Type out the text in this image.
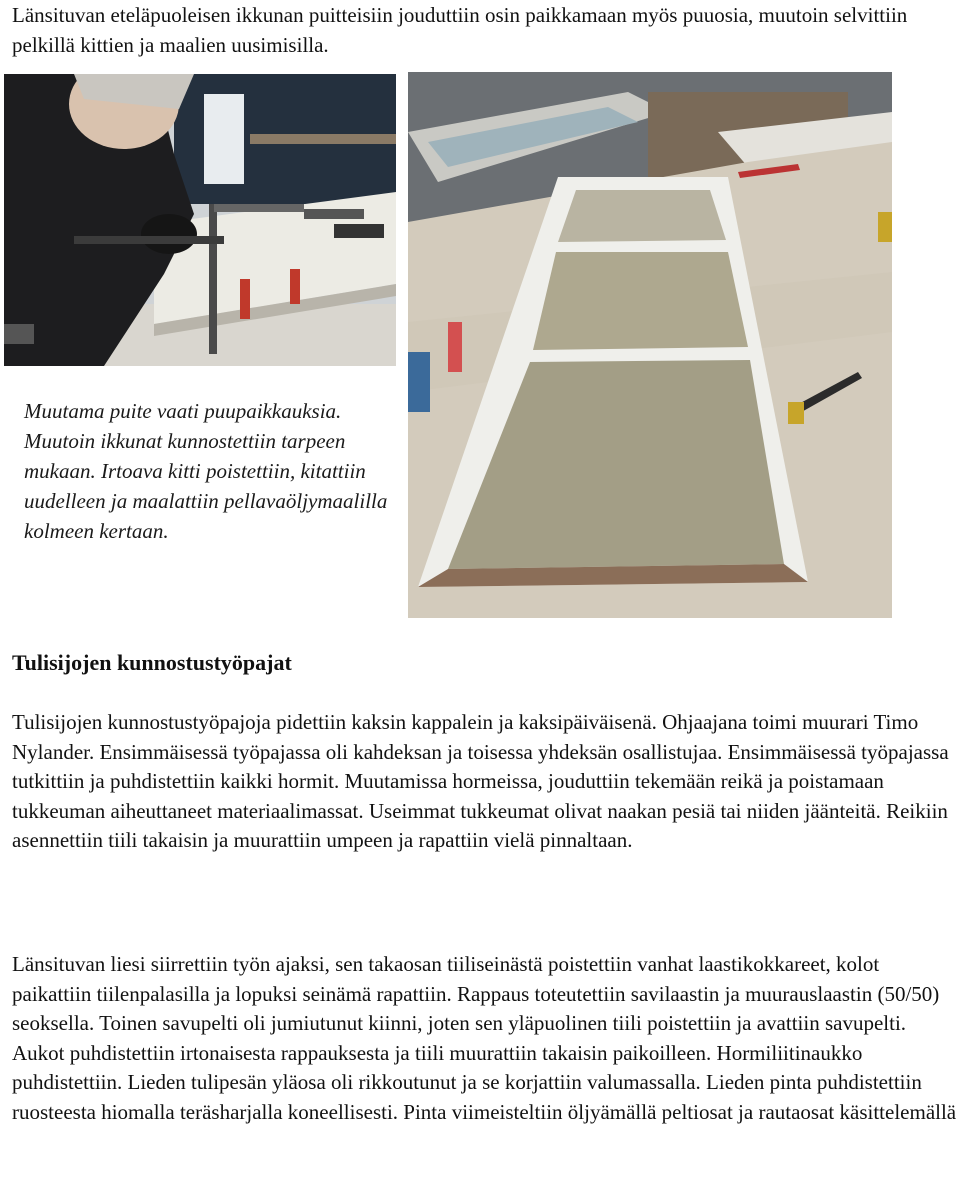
Länsituvan eteläpuoleisen ikkunan puitteisiin jouduttiin osin paikkamaan myös puuosia, muutoin selvittiin pelkillä kittien ja maalien uusimisilla.

Muutama puite vaati puupaikkauksia. Muutoin ikkunat kunnostettiin tarpeen mukaan. Irtoava kitti poistettiin, kitattiin uudelleen ja maalattiin pellavaöljymaalilla kolmeen kertaan.

Tulisijojen kunnostustyöpajat

Tulisijojen kunnostustyöpajoja pidettiin kaksin kappalein ja kaksipäiväisenä. Ohjaajana toimi muurari Timo Nylander. Ensimmäisessä työpajassa oli kahdeksan ja toisessa yhdeksän osallistujaa. Ensimmäisessä työpajassa tutkittiin ja puhdistettiin kaikki hormit. Muutamissa hormeissa, jouduttiin tekemään reikä ja poistamaan tukkeuman aiheuttaneet materiaalimassat. Useimmat tukkeumat olivat naakan pesiä tai niiden jäänteitä. Reikiin asennettiin tiili takaisin ja muurattiin umpeen ja rapattiin vielä pinnaltaan.

Länsituvan liesi siirrettiin työn ajaksi, sen takaosan tiiliseinästä poistettiin vanhat laastikokkareet, kolot paikattiin tiilenpalasilla ja lopuksi seinämä rapattiin. Rappaus toteutettiin savilaastin ja muurauslaastin (50/50) seoksella. Toinen savupelti oli jumiutunut kiinni, joten sen yläpuolinen tiili poistettiin ja avattiin savupelti. Aukot puhdistettiin irtonaisesta rappauksesta ja tiili muurattiin takaisin paikoilleen. Hormiliitinaukko puhdistettiin. Lieden tulipesän yläosa oli rikkoutunut ja se korjattiin valumassalla. Lieden pinta puhdistettiin ruosteesta hiomalla teräsharjalla koneellisesti. Pinta viimeisteltiin öljyämällä peltiosat ja rautaosat käsittelemällä
